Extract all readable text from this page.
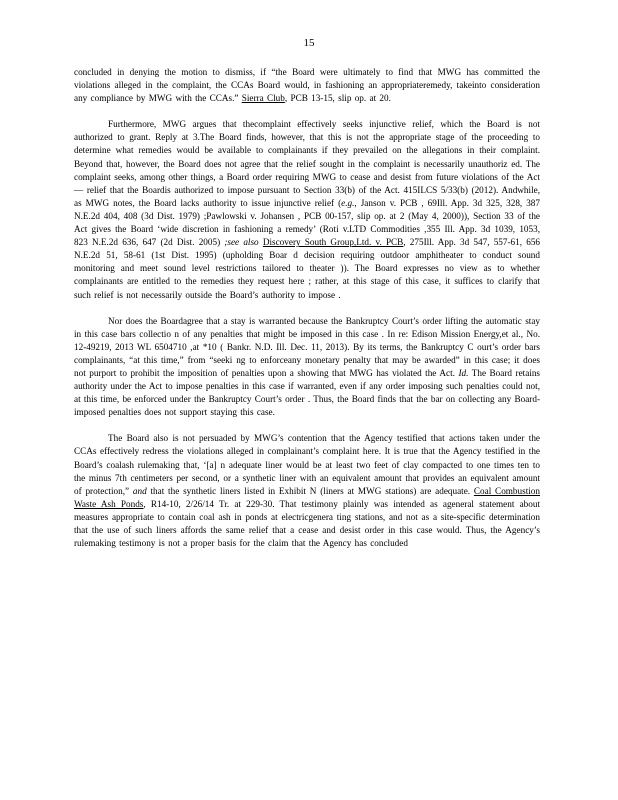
15

concluded in denying the motion to dismiss, if “the Board were ultimately to find that MWG has committed the violations alleged in the complaint, the CCAs Board would, in fashioning an appropriateremedy, takeinto consideration any compliance by MWG with the CCAs.” Sierra Club, PCB 13-15, slip op. at 20.

Furthermore, MWG argues that thecomplaint effectively seeks injunctive relief, which the Board is not authorized to grant. Reply at 3.The Board finds, however, that this is not the appropriate stage of the proceeding to determine what remedies would be available to complainants if they prevailed on the allegations in their complaint. Beyond that, however, the Board does not agree that the relief sought in the complaint is necessarily unauthoriz ed. The complaint seeks, among other things, a Board order requiring MWG to cease and desist from future violations of the Act — relief that the Boardis authorized to impose pursuant to Section 33(b) of the Act. 415ILCS 5/33(b) (2012). Andwhile, as MWG notes, the Board lacks authority to issue injunctive relief (e.g., Janson v. PCB , 69Ill. App. 3d 325, 328, 387 N.E.2d 404, 408 (3d Dist. 1979) ;Pawlowski v. Johansen , PCB 00-157, slip op. at 2 (May 4, 2000)), Section 33 of the Act gives the Board ‘wide discretion in fashioning a remedy’ (Roti v.LTD Commodities ,355 Ill. App. 3d 1039, 1053, 823 N.E.2d 636, 647 (2d Dist. 2005) ;see also Discovery South Group,Ltd. v. PCB, 275Ill. App. 3d 547, 557-61, 656 N.E.2d 51, 58-61 (1st Dist. 1995) (upholding Boar d decision requiring outdoor amphitheater to conduct sound monitoring and meet sound level restrictions tailored to theater )). The Board expresses no view as to whether complainants are entitled to the remedies they request here ; rather, at this stage of this case, it suffices to clarify that such relief is not necessarily outside the Board’s authority to impose .

Nor does the Boardagree that a stay is warranted because the Bankruptcy Court’s order lifting the automatic stay in this case bars collectio n of any penalties that might be imposed in this case . In re: Edison Mission Energy,et al., No. 12-49219, 2013 WL 6504710 ,at *10 ( Bankr. N.D. Ill. Dec. 11, 2013). By its terms, the Bankruptcy C ourt’s order bars complainants, “at this time,” from “seeki ng to enforceany monetary penalty that may be awarded” in this case; it does not purport to prohibit the imposition of penalties upon a showing that MWG has violated the Act. Id. The Board retains authority under the Act to impose penalties in this case if warranted, even if any order imposing such penalties could not, at this time, be enforced under the Bankruptcy Court’s order . Thus, the Board finds that the bar on collecting any Board-imposed penalties does not support staying this case.

The Board also is not persuaded by MWG’s contention that the Agency testified that actions taken under the CCAs effectively redress the violations alleged in complainant’s complaint here. It is true that the Agency testified in the Board’s coalash rulemaking that, ‘[a] n adequate liner would be at least two feet of clay compacted to one times ten to the minus 7th centimeters per second, or a synthetic liner with an equivalent amount that provides an equivalent amount of protection,” and that the synthetic liners listed in Exhibit N (liners at MWG stations) are adequate. Coal Combustion Waste Ash Ponds, R14-10, 2/26/14 Tr. at 229-30. That testimony plainly was intended as ageneral statement about measures appropriate to contain coal ash in ponds at electricgenera ting stations, and not as a site-specific determination that the use of such liners affords the same relief that a cease and desist order in this case would. Thus, the Agency’s rulemaking testimony is not a proper basis for the claim that the Agency has concluded
